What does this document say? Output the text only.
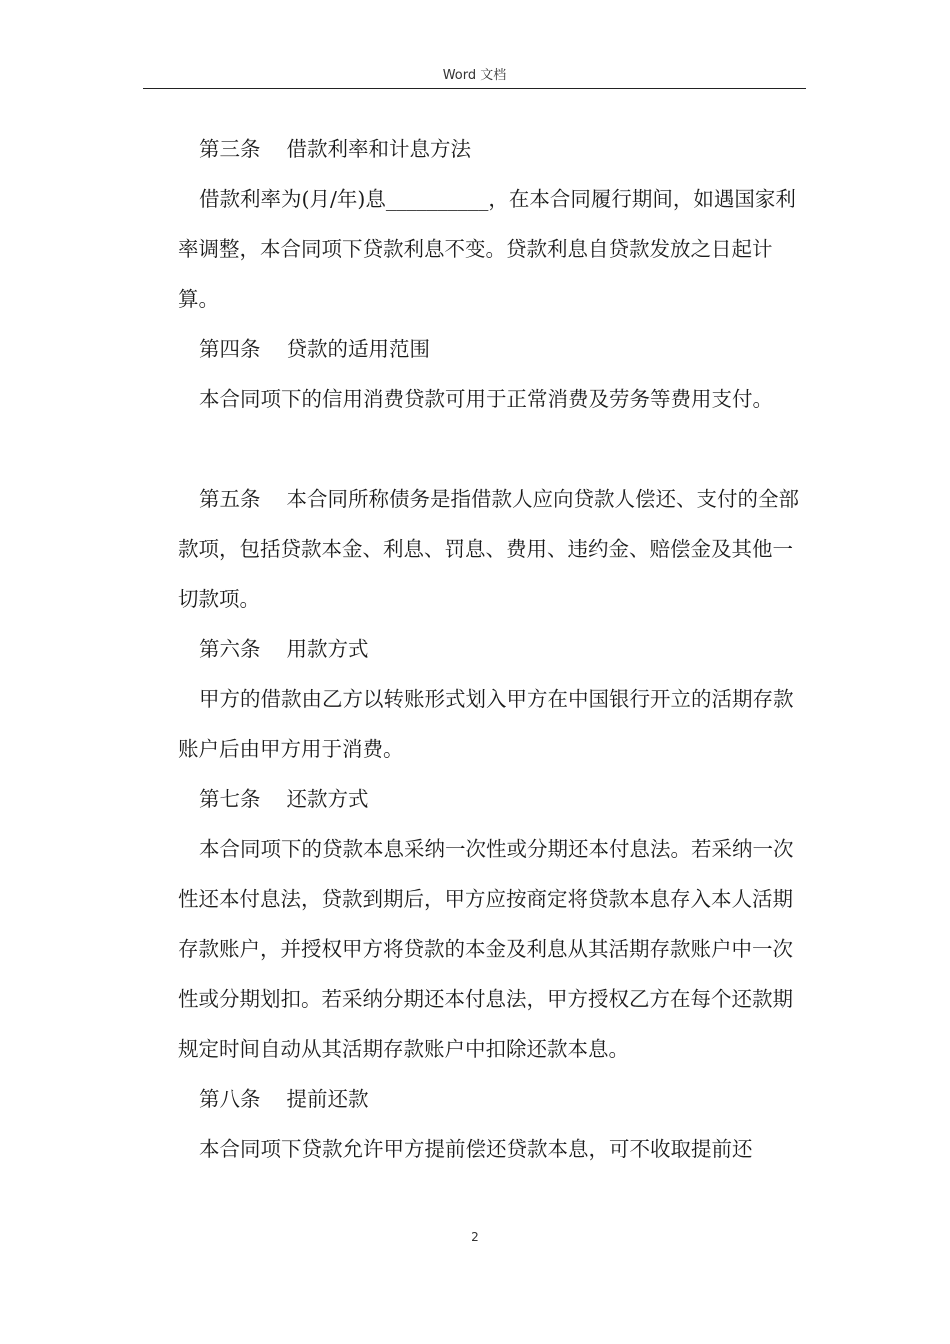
Word 文档

第三条 借款利率和计息方法

借款利率为(月/年)息__________，在本合同履行期间，如遇国家利率调整，本合同项下贷款利息不变。贷款利息自贷款发放之日起计算。

第四条 贷款的适用范围

本合同项下的信用消费贷款可用于正常消费及劳务等费用支付。

第五条 本合同所称债务是指借款人应向贷款人偿还、支付的全部款项，包括贷款本金、利息、罚息、费用、违约金、赔偿金及其他一切款项。

第六条 用款方式

甲方的借款由乙方以转账形式划入甲方在中国银行开立的活期存款账户后由甲方用于消费。

第七条 还款方式

本合同项下的贷款本息采纳一次性或分期还本付息法。若采纳一次性还本付息法，贷款到期后，甲方应按商定将贷款本息存入本人活期存款账户，并授权甲方将贷款的本金及利息从其活期存款账户中一次性或分期划扣。若采纳分期还本付息法，甲方授权乙方在每个还款期规定时间自动从其活期存款账户中扣除还款本息。

第八条 提前还款

本合同项下贷款允许甲方提前偿还贷款本息，可不收取提前还

2
